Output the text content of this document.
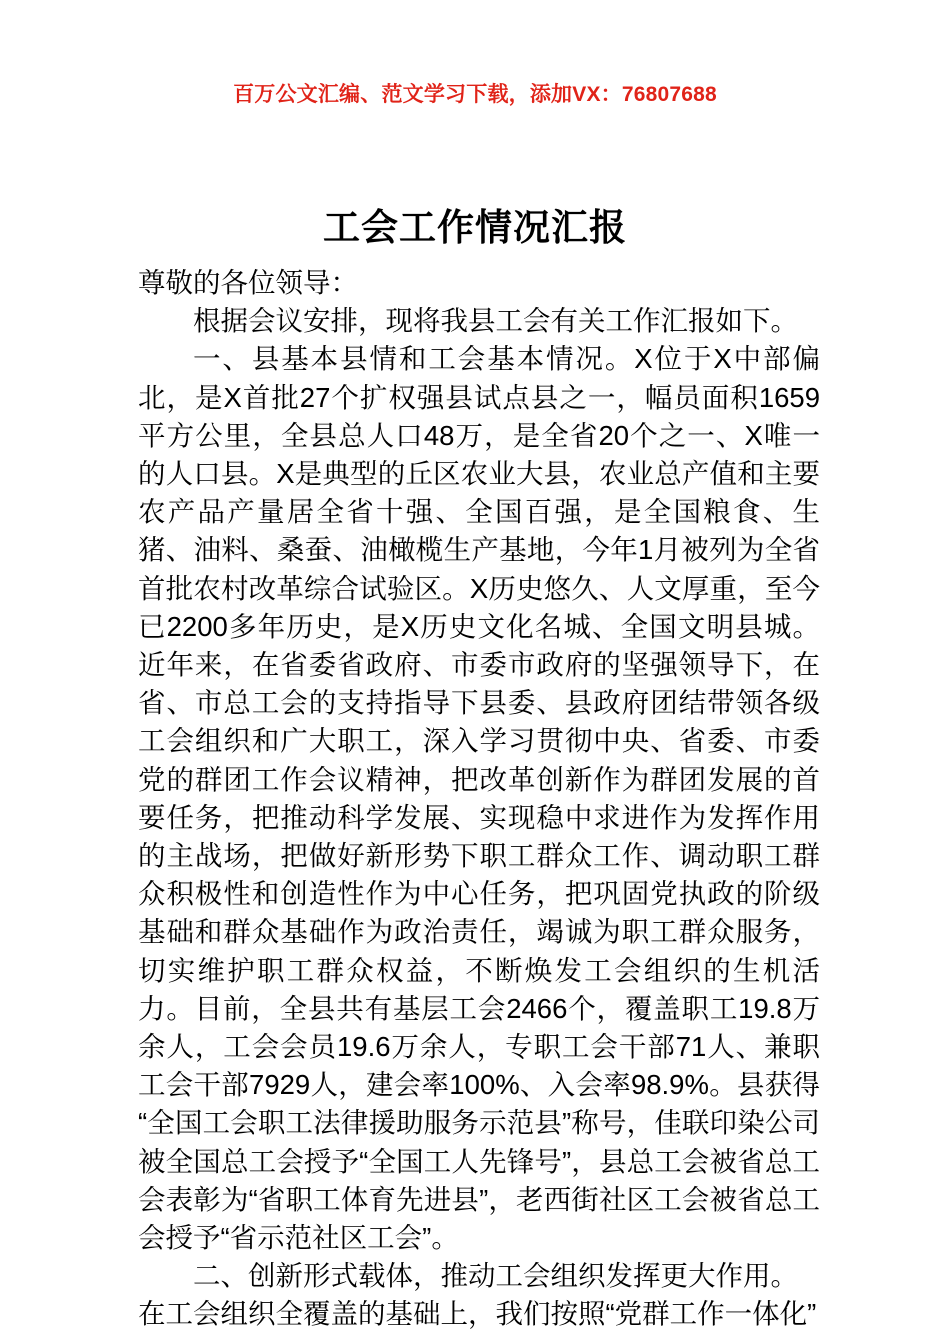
百万公文汇编、范文学习下载，添加VX：76807688
工会工作情况汇报

尊敬的各位领导：

根据会议安排，现将我县工会有关工作汇报如下。

一、县基本县情和工会基本情况。X位于X中部偏北，是X首批27个扩权强县试点县之一，幅员面积1659平方公里，全县总人口48万，是全省20个之一、X唯一的人口县。X是典型的丘区农业大县，农业总产值和主要农产品产量居全省十强、全国百强，是全国粮食、生猪、油料、桑蚕、油橄榄生产基地，今年1月被列为全省首批农村改革综合试验区。X历史悠久、人文厚重，至今已2200多年历史，是X历史文化名城、全国文明县城。近年来，在省委省政府、市委市政府的坚强领导下，在省、市总工会的支持指导下县委、县政府团结带领各级工会组织和广大职工，深入学习贯彻中央、省委、市委党的群团工作会议精神，把改革创新作为群团发展的首要任务，把推动科学发展、实现稳中求进作为发挥作用的主战场，把做好新形势下职工群众工作、调动职工群众积极性和创造性作为中心任务，把巩固党执政的阶级基础和群众基础作为政治责任，竭诚为职工群众服务，切实维护职工群众权益，不断焕发工会组织的生机活力。目前，全县共有基层工会2466个，覆盖职工19.8万余人，工会会员19.6万余人，专职工会干部71人、兼职工会干部7929人，建会率100%、入会率98.9%。县获得“全国工会职工法律援助服务示范县”称号，佳联印染公司被全国总工会授予“全国工人先锋号”，县总工会被省总工会表彰为“省职工体育先进县”，老西街社区工会被省总工会授予“省示范社区工会”。

二、创新形式载体，推动工会组织发挥更大作用。在工会组织全覆盖的基础上，我们按照“党群工作一体化”
